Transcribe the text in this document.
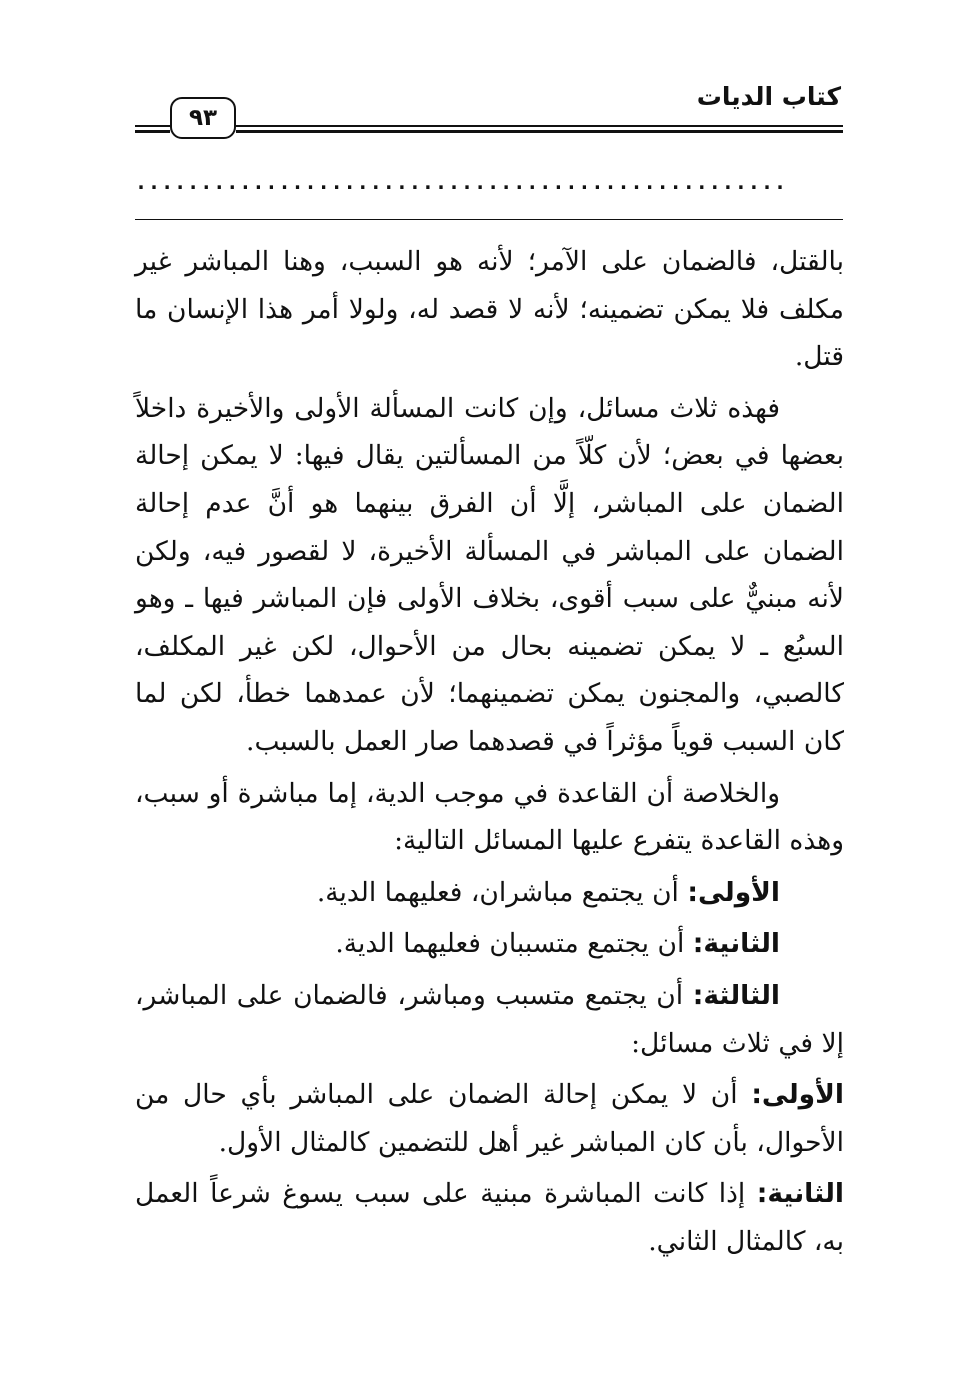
كتاب الديات
٩٣
..................................................

بالقتل، فالضمان على الآمر؛ لأنه هو السبب، وهنا المباشر غير مكلف فلا يمكن تضمينه؛ لأنه لا قصد له، ولولا أمر هذا الإنسان ما قتل.

فهذه ثلاث مسائل، وإن كانت المسألة الأولى والأخيرة داخلاً بعضها في بعض؛ لأن كلّاً من المسألتين يقال فيها: لا يمكن إحالة الضمان على المباشر، إلَّا أن الفرق بينهما هو أنَّ عدم إحالة الضمان على المباشر في المسألة الأخيرة، لا لقصور فيه، ولكن لأنه مبنيٌّ على سبب أقوى، بخلاف الأولى فإن المباشر فيها ـ وهو السبُع ـ لا يمكن تضمينه بحال من الأحوال، لكن غير المكلف، كالصبي، والمجنون يمكن تضمينهما؛ لأن عمدهما خطأ، لكن لما كان السبب قوياً مؤثراً في قصدهما صار العمل بالسبب.

والخلاصة أن القاعدة في موجب الدية، إما مباشرة أو سبب، وهذه القاعدة يتفرع عليها المسائل التالية:

الأولى: أن يجتمع مباشران، فعليهما الدية.

الثانية: أن يجتمع متسببان فعليهما الدية.

الثالثة: أن يجتمع متسبب ومباشر، فالضمان على المباشر، إلا في ثلاث مسائل:

الأولى: أن لا يمكن إحالة الضمان على المباشر بأي حال من الأحوال، بأن كان المباشر غير أهل للتضمين كالمثال الأول.

الثانية: إذا كانت المباشرة مبنية على سبب يسوغ شرعاً العمل به، كالمثال الثاني.
